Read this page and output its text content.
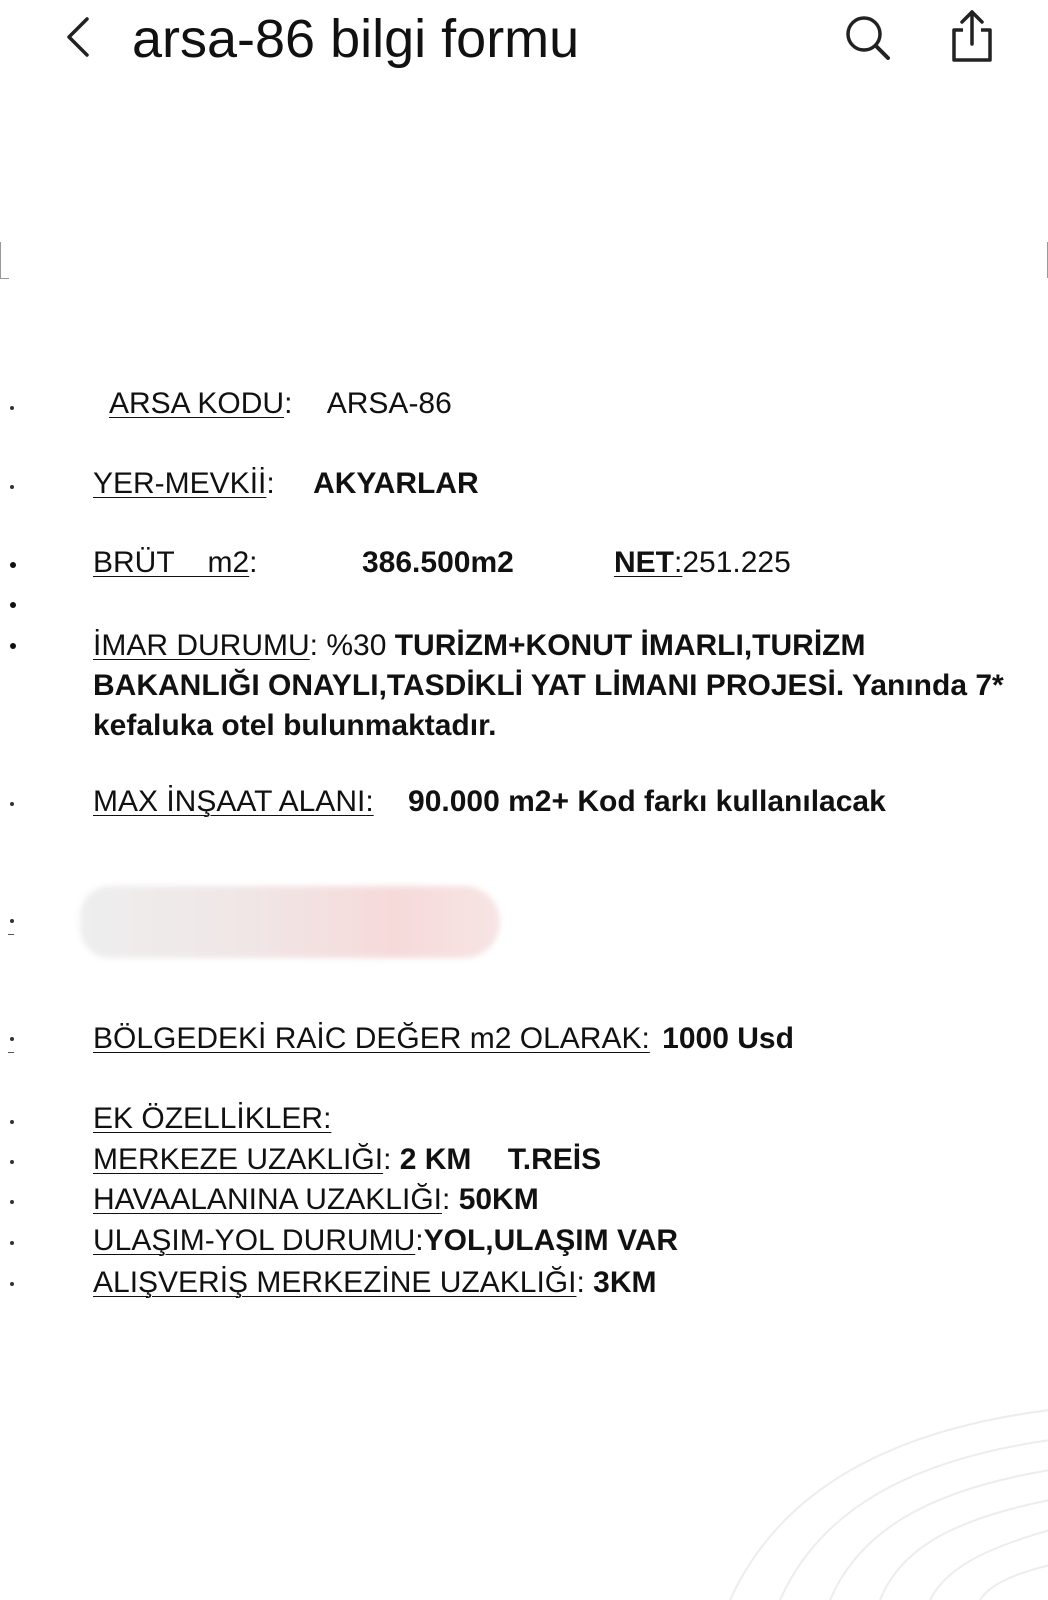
arsa-86 bilgi formu
ARSA KODU: ARSA-86
YER-MEVKİİ: AKYARLAR
BRÜT    m2:	386.500m2	NET:251.225
İMAR DURUMU: %30 TURİZM+KONUT İMARLI,TURİZM BAKANLIĞI ONAYLI,TASDİKLİ YAT LİMANI PROJESİ. Yanında 7* kefaluka otel bulunmaktadır.
MAX İNŞAAT ALANI: 90.000 m2+ Kod farkı kullanılacak
BÖLGEDEKİ RAİC DEĞER m2 OLARAK: 1000 Usd
EK ÖZELLİKLER:
MERKEZE UZAKLIĞI: 2 KM T.REİS
HAVAALANINA UZAKLIĞI: 50KM
ULAŞIM-YOL DURUMU:YOL,ULAŞIM VAR
ALIŞVERİŞ MERKEZİNE UZAKLIĞI: 3KM
